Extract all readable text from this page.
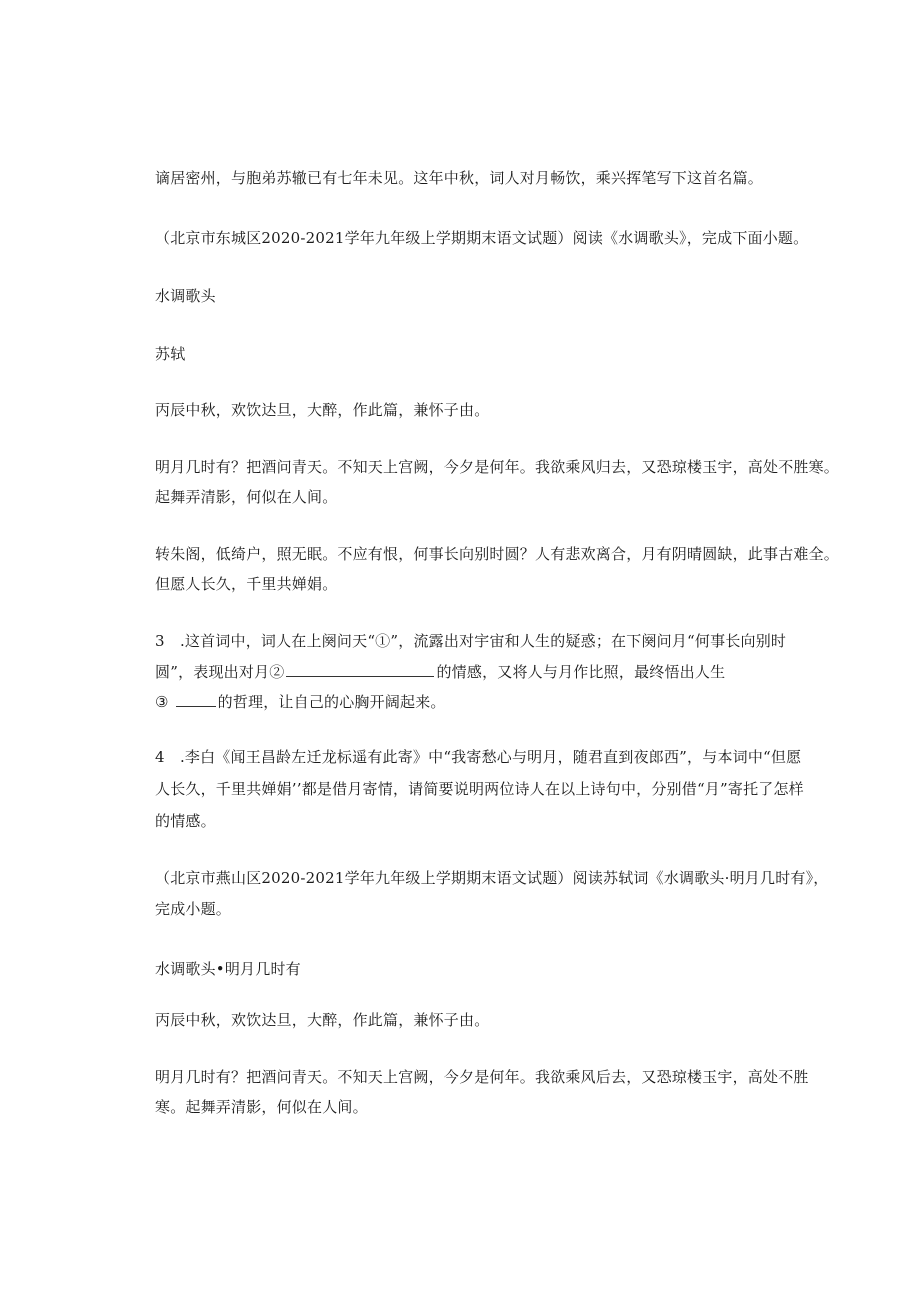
谪居密州，与胞弟苏辙已有七年未见。这年中秋，词人对月畅饮，乘兴挥笔写下这首名篇。
（北京市东城区2020-2021学年九年级上学期期末语文试题）阅读《水调歌头》，完成下面小题。
水调歌头
苏轼
丙辰中秋，欢饮达旦，大醉，作此篇，兼怀子由。
明月几时有？把酒问青天。不知天上宫阙，今夕是何年。我欲乘风归去，又恐琼楼玉宇，高处不胜寒。
起舞弄清影，何似在人间。
转朱阁，低绮户，照无眠。不应有恨，何事长向别时圆？人有悲欢离合，月有阴晴圆缺，此事古难全。
但愿人长久，千里共婵娟。
3　.这首词中，词人在上阕问天“①”，流露出对宇宙和人生的疑惑；在下阕问月“何事长向别时
圆”，表现出对月②	的情感，又将人与月作比照，最终悟出人生
③	的哲理，让自己的心胸开阔起来。
4　.李白《闻王昌龄左迁龙标遥有此寄》中“我寄愁心与明月，随君直到夜郎西”，与本词中“但愿
人长久，千里共婵娟’’都是借月寄情，请简要说明两位诗人在以上诗句中，分别借“月”寄托了怎样
的情感。
（北京市燕山区2020-2021学年九年级上学期期末语文试题）阅读苏轼词《水调歌头·明月几时有》，
完成小题。
水调歌头•明月几时有
丙辰中秋，欢饮达旦，大醉，作此篇，兼怀子由。
明月几时有？把酒问青天。不知天上宫阙，今夕是何年。我欲乘风后去，又恐琼楼玉宇，高处不胜
寒。起舞弄清影，何似在人间。
